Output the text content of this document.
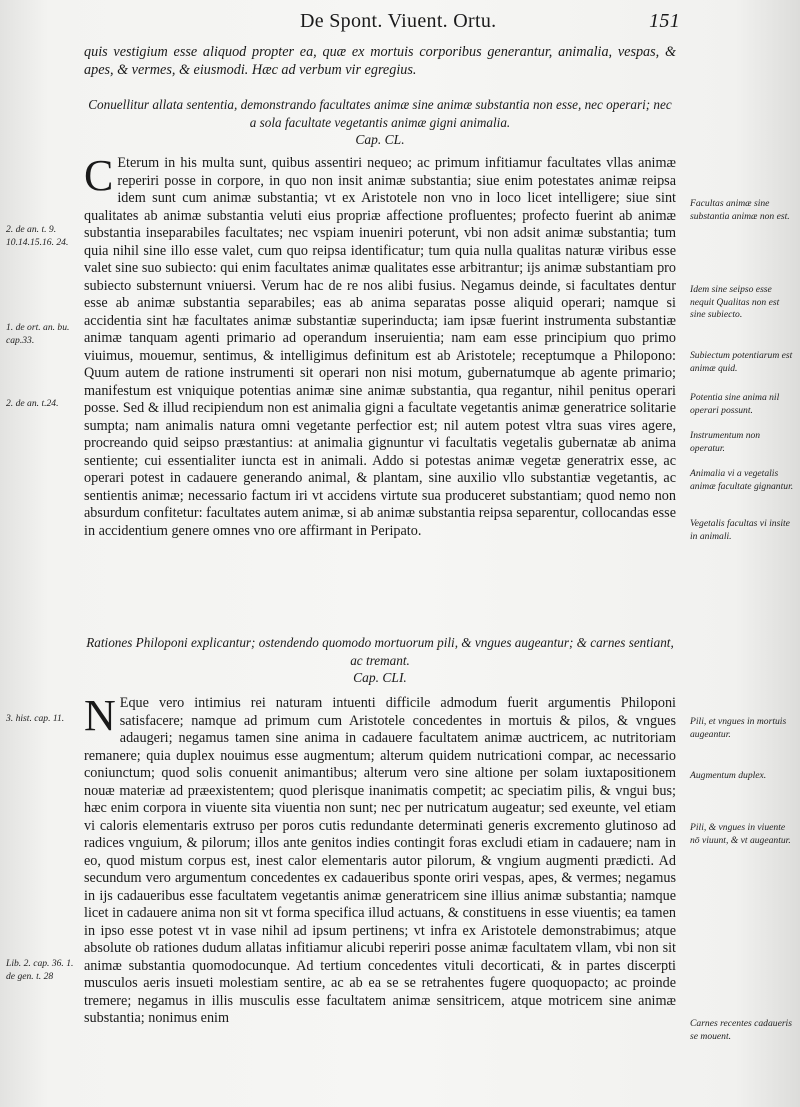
De Spont. Viuent. Ortu.	151

quis vestigium esse aliquod propter ea, quæ ex mortuis corporibus generantur, animalia, vespas, & apes, & vermes, & eiusmodi. Hæc ad verbum vir egregius.

Conuellitur allata sententia, demonstrando facultates animæ sine animæ substantia non esse, nec operari; nec a sola facultate vegetantis animæ gigni animalia.

Cap. CL.

C Eterum in his multa sunt, quibus assentiri nequeo; ac primum infitiamur facultates vllas animæ reperiri posse in corpore, in quo non insit animæ substantia; siue enim potestates animæ reipsa idem sunt cum animæ substantia; vt ex Aristotele non vno in loco licet intelligere; siue sint qualitates ab animæ substantia veluti eius propriæ affectione profluentes; profecto fuerint ab animæ substantia inseparabiles facultates; nec vspiam inueniri poterunt, vbi non adsit animæ substantia; tum quia nihil sine illo esse valet, cum quo reipsa identificatur; tum quia nulla qualitas naturæ viribus esse valet sine suo subiecto: qui enim facultates animæ qualitates esse arbitrantur; ijs animæ substantiam pro subiecto substernunt vniuersi. Verum hac de re nos alibi fusius. Negamus deinde, si facultates dentur esse ab animæ substantia separabiles; eas ab anima separatas posse aliquid operari; namque si accidentia sint hæ facultates animæ substantiæ superinducta; iam ipsæ fuerint instrumenta substantiæ animæ tanquam agenti primario ad operandum inseruientia; nam eam esse principium quo primo viuimus, mouemur, sentimus, & intelligimus definitum est ab Aristotele; receptumque a Philopono: Quum autem de ratione instrumenti sit operari non nisi motum, gubernatumque ab agente primario; manifestum est vniquique potentias animæ sine animæ substantia, qua regantur, nihil penitus operari posse. Sed & illud recipiendum non est animalia gigni a facultate vegetantis animæ generatrice solitarie sumpta; nam animalis natura omni vegetante perfectior est; nil autem potest vltra suas vires agere, procreando quid seipso præstantius: at animalia gignuntur vi facultatis vegetalis gubernatæ ab anima sentiente; cui essentialiter iuncta est in animali. Addo si potestas animæ vegetæ generatrix esse, ac operari potest in cadauere generando animal, & plantam, sine auxilio vllo substantiæ vegetantis, ac sentientis animæ; necessario factum iri vt accidens virtute sua produceret substantiam; quod nemo non absurdum confitetur: facultates autem animæ, si ab animæ substantia reipsa separentur, collocandas esse in accidentium genere omnes vno ore affirmant in Peripato.

Rationes Philoponi explicantur; ostendendo quomodo mortuorum pili, & vngues augeantur; & carnes sentiant, ac tremant.

Cap. CLI.

N Eque vero intimius rei naturam intuenti difficile admodum fuerit argumentis Philoponi satisfacere; namque ad primum cum Aristotele concedentes in mortuis & pilos, & vngues adaugeri; negamus tamen sine anima in cadauere facultatem animæ auctricem, ac nutritoriam remanere; quia duplex nouimus esse augmentum; alterum quidem nutricationi compar, ac necessario coniunctum; quod solis conuenit animantibus; alterum vero sine altione per solam iuxtapositionem nouæ materiæ ad præexistentem; quod plerisque inanimatis competit; ac speciatim pilis, & vngui bus; hæc enim corpora in viuente sita viuentia non sunt; nec per nutricatum augeatur; sed exeunte, vel etiam vi caloris elementaris extruso per poros cutis redundante determinati generis excremento glutinoso ad radices vnguium, & pilorum; illos ante genitos indies contingit foras excludi etiam in cadauere; nam in eo, quod mistum corpus est, inest calor elementaris autor pilorum, & vngium augmenti prædicti. Ad secundum vero argumentum concedentes ex cadaueribus sponte oriri vespas, apes, & vermes; negamus in ijs cadaueribus esse facultatem vegetantis animæ generatricem sine illius animæ substantia; namque licet in cadauere anima non sit vt forma specifica illud actuans, & constituens in esse viuentis; ea tamen in ipso esse potest vt in vase nihil ad ipsum pertinens; vt infra ex Aristotele demonstrabimus; atque absolute ob rationes dudum allatas infitiamur alicubi reperiri posse animæ facultatem vllam, vbi non sit animæ substantia quomodocunque. Ad tertium concedentes vituli decorticati, & in partes discerpti musculos aeris insueti molestiam sentire, ac ab ea se se retrahentes fugere quoquopacto; ac proinde tremere; negamus in illis musculis esse facultatem animæ sensitricem, atque motricem sine animæ substantia; nonimus enim

2. de an. t. 9. 10.14.15.16. 24.
1. de ort. an. bu. cap.33.
2. de an. t.24.
3. hist. cap. 11.
Lib. 2. cap. 36. 1. de gen. t. 28
Facultas animæ sine substantia animæ non est.
Idem sine seipso esse nequit Qualitas non est sine subiecto.
Subiectum potentiarum est animæ quid.
Potentia sine anima nil operari possunt.
Instrumentum non operatur.
Animalia vi a vegetalis animæ facultate gignantur.
Vegetalis facultas vi insite in animali.
Pili, et vngues in mortuis augeantur.
Augmentum duplex.
Pili, & vngues in viuente nō viuunt, & vt augeantur.
Carnes recentes cadaueris se mouent.
